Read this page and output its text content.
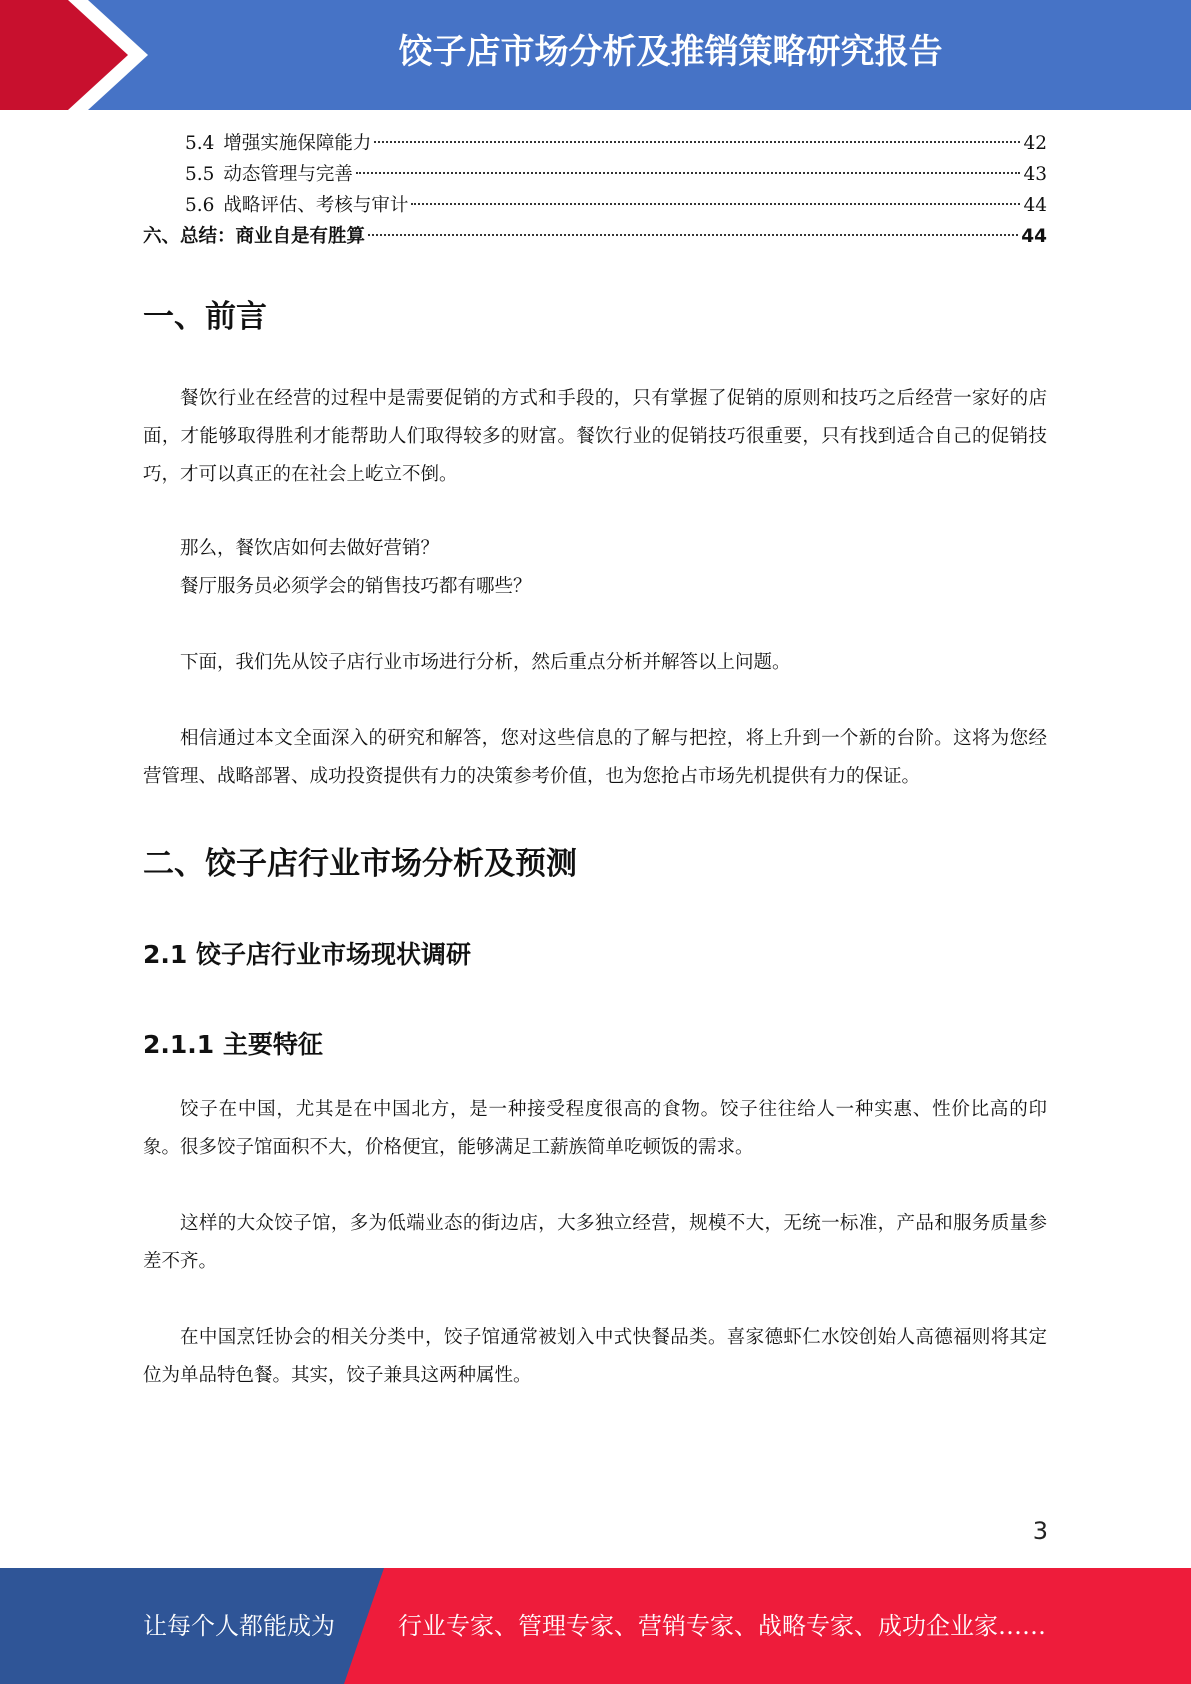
饺子店市场分析及推销策略研究报告
5.4 增强实施保障能力	42
5.5 动态管理与完善	43
5.6 战略评估、考核与审计	44
六、总结：商业自是有胜算	44
一、前言

餐饮行业在经营的过程中是需要促销的方式和手段的，只有掌握了促销的原则和技巧之后经营一家好的店面，才能够取得胜利才能帮助人们取得较多的财富。餐饮行业的促销技巧很重要，只有找到适合自己的促销技巧，才可以真正的在社会上屹立不倒。

那么，餐饮店如何去做好营销？

餐厅服务员必须学会的销售技巧都有哪些？

下面，我们先从饺子店行业市场进行分析，然后重点分析并解答以上问题。

相信通过本文全面深入的研究和解答，您对这些信息的了解与把控，将上升到一个新的台阶。这将为您经营管理、战略部署、成功投资提供有力的决策参考价值，也为您抢占市场先机提供有力的保证。

二、饺子店行业市场分析及预测
2.1 饺子店行业市场现状调研
2.1.1 主要特征

饺子在中国，尤其是在中国北方，是一种接受程度很高的食物。饺子往往给人一种实惠、性价比高的印象。很多饺子馆面积不大，价格便宜，能够满足工薪族简单吃顿饭的需求。

这样的大众饺子馆，多为低端业态的街边店，大多独立经营，规模不大，无统一标准，产品和服务质量参差不齐。

在中国烹饪协会的相关分类中，饺子馆通常被划入中式快餐品类。喜家德虾仁水饺创始人高德福则将其定位为单品特色餐。其实，饺子兼具这两种属性。

3
让每个人都能成为	行业专家、管理专家、营销专家、战略专家、成功企业家……
